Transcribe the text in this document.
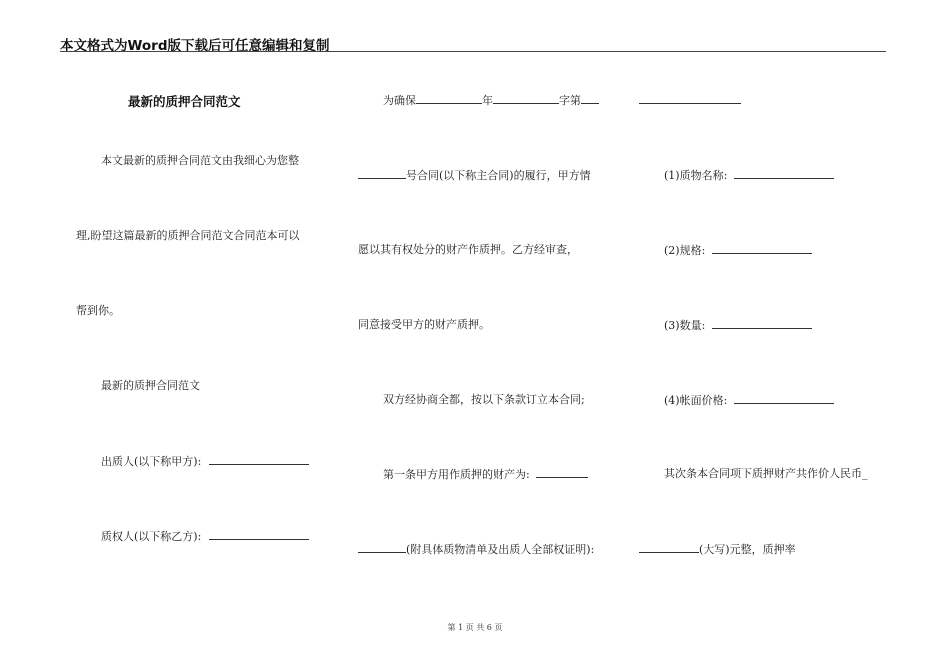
本文格式为Word版下载后可任意编辑和复制
最新的质押合同范文
本文最新的质押合同范文由我细心为您整
理,盼望这篇最新的质押合同范文合同范本可以
帮到你。
最新的质押合同范文
出质人(以下称甲方):
质权人(以下称乙方):
为确保	年	字第
号合同(以下称主合同)的履行，甲方情
愿以其有权处分的财产作质押。乙方经审查，
同意接受甲方的财产质押。
双方经协商全都，按以下条款订立本合同;
第一条甲方用作质押的财产为:
(附具体质物清单及出质人全部权证明):
(1)质物名称:
(2)规格:
(3)数量:
(4)帐面价格:
其次条本合同项下质押财产共作价人民币_
(大写)元整，质押率
第 1 页 共 6 页
